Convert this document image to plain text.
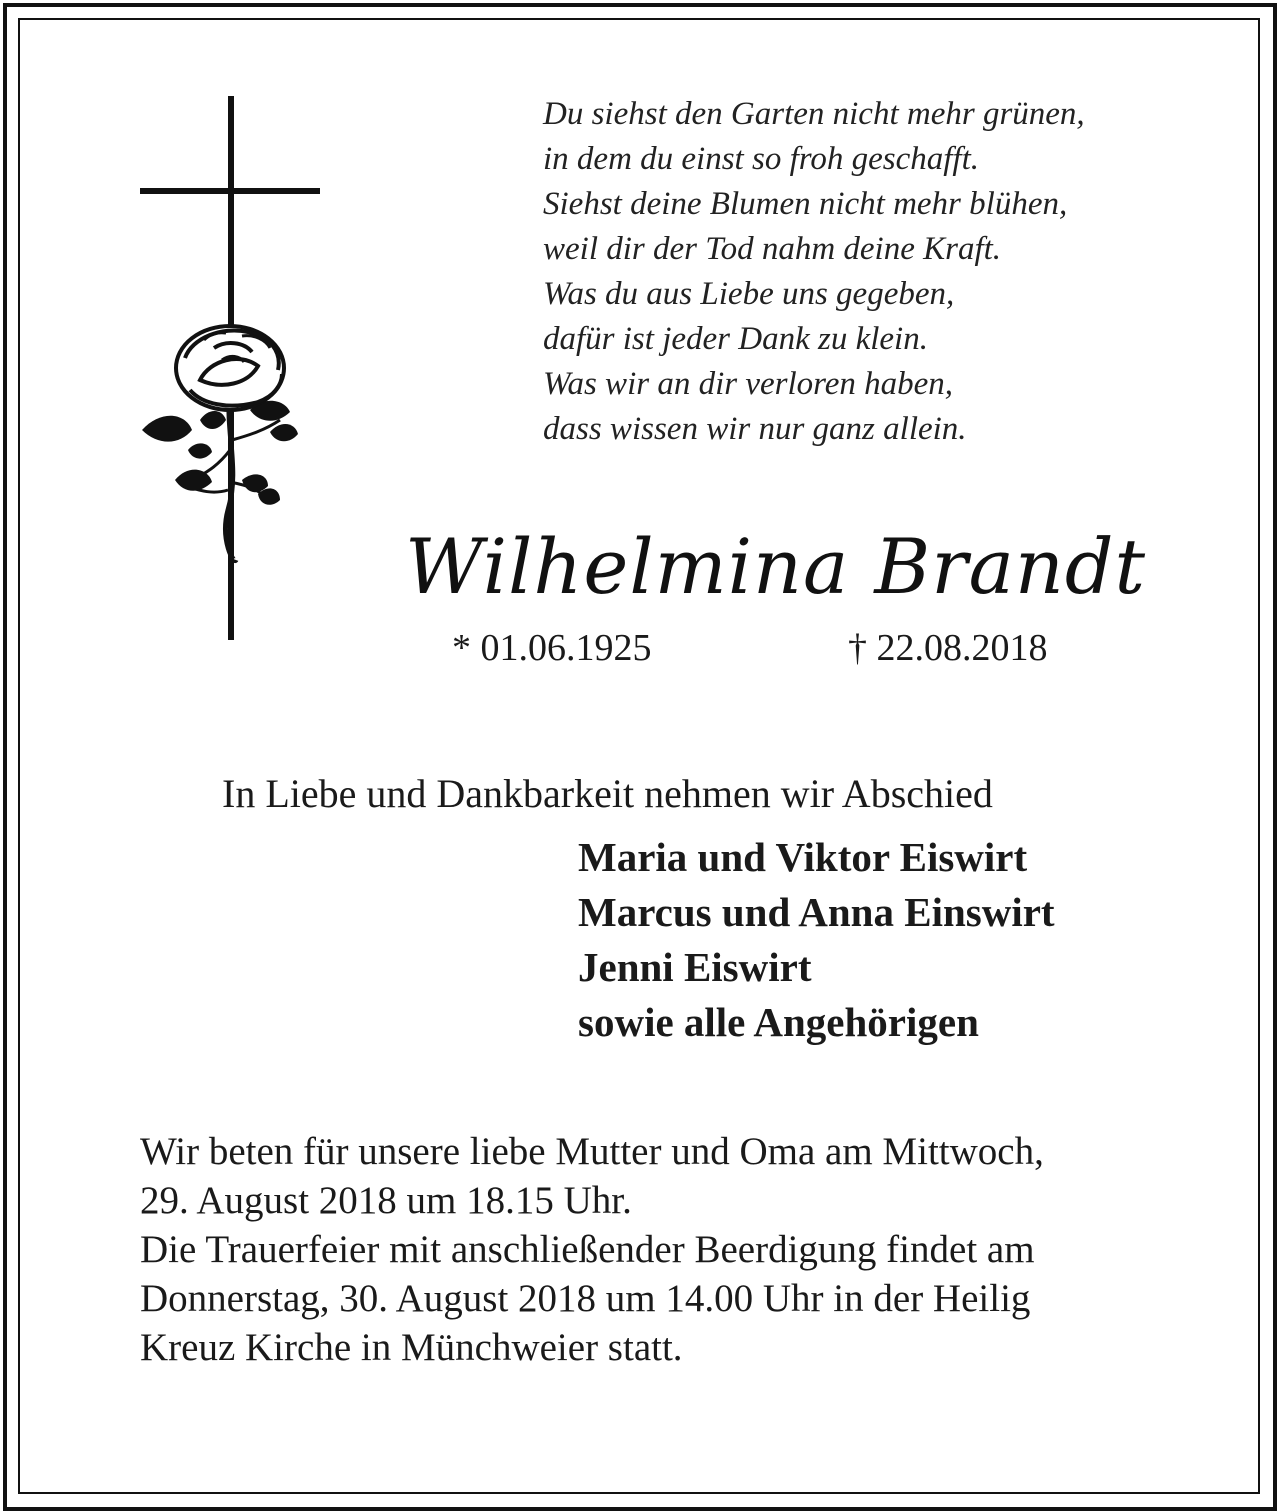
Du siehst den Garten nicht mehr grünen,
in dem du einst so froh geschafft.
Siehst deine Blumen nicht mehr blühen,
weil dir der Tod nahm deine Kraft.
Was du aus Liebe uns gegeben,
dafür ist jeder Dank zu klein.
Was wir an dir verloren haben,
dass wissen wir nur ganz allein.
Wilhelmina Brandt
* 01.06.1925	† 22.08.2018
In Liebe und Dankbarkeit nehmen wir Abschied
Maria und Viktor Eiswirt
Marcus und Anna Einswirt
Jenni Eiswirt
sowie alle Angehörigen
Wir beten für unsere liebe Mutter und Oma am Mittwoch,
29. August 2018 um 18.15 Uhr.
Die Trauerfeier mit anschließender Beerdigung findet am
Donnerstag, 30. August 2018 um 14.00 Uhr in der Heilig
Kreuz Kirche in Münchweier statt.
